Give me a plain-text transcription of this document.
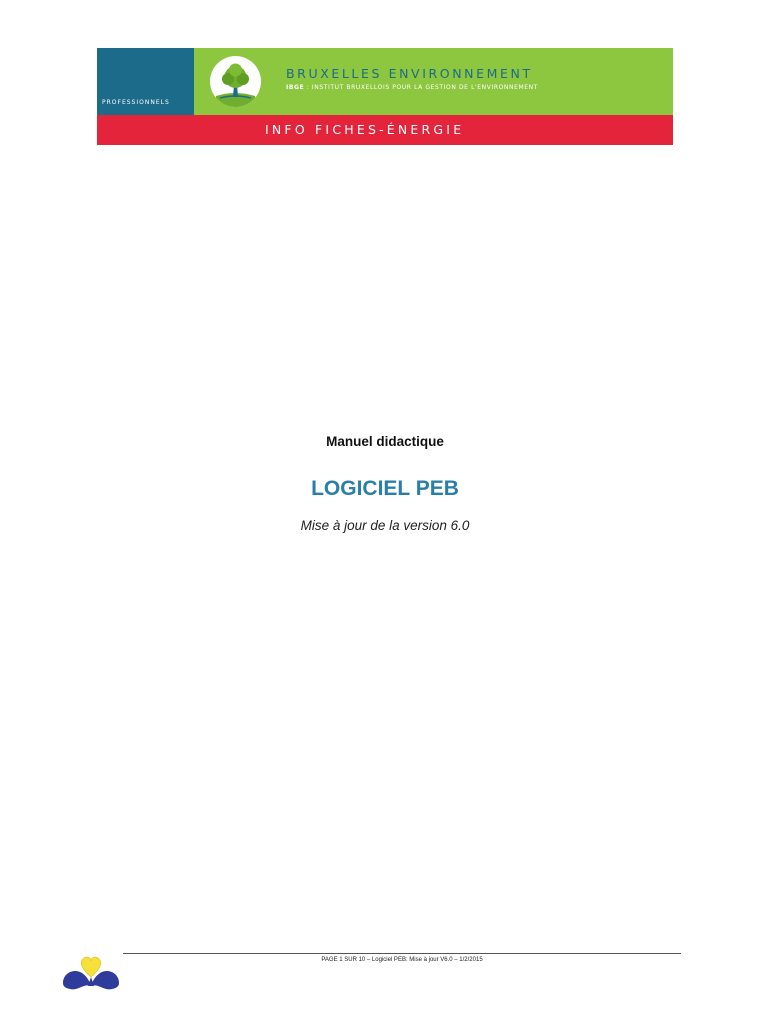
professionnels
BRUXELLES ENVIRONNEMENT
IBGE : INSTITUT BRUXELLOIS POUR LA GESTION DE L'ENVIRONNEMENT
INFO FICHES-ÉNERGIE
Manuel didactique
LOGICIEL PEB
Mise à jour de la version 6.0
PAGE 1 SUR 10 – Logiciel PEB: Mise à jour V6.0 – 1/2/2015
